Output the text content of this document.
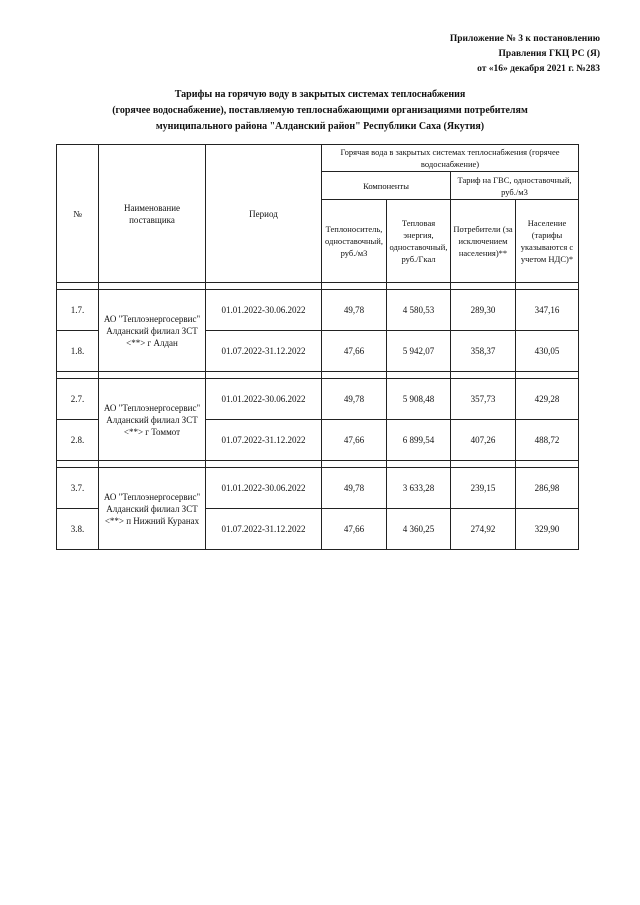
Приложение № 3 к постановлению
Правления ГКЦ РС (Я)
от «16» декабря 2021 г. №283
Тарифы на горячую воду в закрытых системах теплоснабжения
(горячее водоснабжение), поставляемую теплоснабжающими организациями потребителям
муниципального района "Алданский район" Республики Саха (Якутия)
№	Наименование поставщика	Период	Горячая вода в закрытых системах теплоснабжения (горячее водоснабжение)			
			Компоненты		Тариф на ГВС, одноставочный, руб./м3	
			Теплоноситель, одноставочный, руб./м3	Тепловая энергия, одноставочный, руб./Гкал	Потребители (за исключением населения)**	Население (тарифы указываются с учетом НДС)*

1.7.	АО "Теплоэнергосервис" Алданский филиал ЗСТ <**> г Алдан	01.01.2022-30.06.2022	49,78	4 580,53	289,30	347,16
1.8.		01.07.2022-31.12.2022	47,66	5 942,07	358,37	430,05

2.7.	АО "Теплоэнергосервис" Алданский филиал ЗСТ <**> г Томмот	01.01.2022-30.06.2022	49,78	5 908,48	357,73	429,28
2.8.		01.07.2022-31.12.2022	47,66	6 899,54	407,26	488,72

3.7.	АО "Теплоэнергосервис" Алданский филиал ЗСТ <**> п Нижний Куранах	01.01.2022-30.06.2022	49,78	3 633,28	239,15	286,98
3.8.		01.07.2022-31.12.2022	47,66	4 360,25	274,92	329,90
